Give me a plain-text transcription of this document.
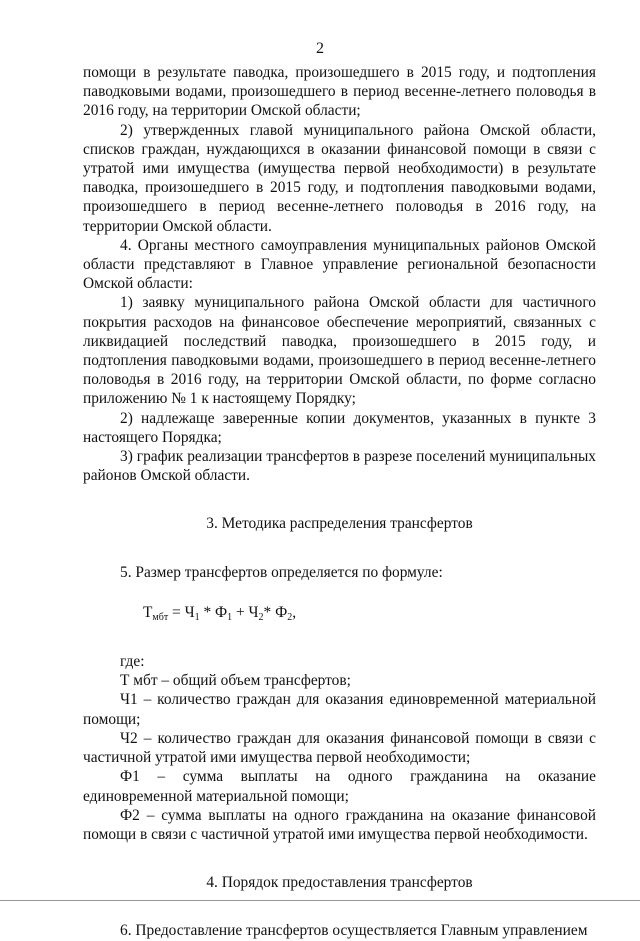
2

помощи в результате паводка, произошедшего в 2015 году, и подтопления паводковыми водами, произошедшего в период весенне-летнего половодья в 2016 году, на территории Омской области;

2) утвержденных главой муниципального района Омской области, списков граждан, нуждающихся в оказании финансовой помощи в связи с утратой ими имущества (имущества первой необходимости) в результате паводка, произошедшего в 2015 году, и подтопления паводковыми водами, произошедшего в период весенне-летнего половодья в 2016 году, на территории Омской области.

4. Органы местного самоуправления муниципальных районов Омской области представляют в Главное управление региональной безопасности Омской области:

1) заявку муниципального района Омской области для частичного покрытия расходов на финансовое обеспечение мероприятий, связанных с ликвидацией последствий паводка, произошедшего в 2015 году, и подтопления паводковыми водами, произошедшего в период весенне-летнего половодья в 2016 году, на территории Омской области, по форме согласно приложению № 1 к настоящему Порядку;

2) надлежаще заверенные копии документов, указанных в пункте 3 настоящего Порядка;

3) график реализации трансфертов в разрезе поселений муниципальных районов Омской области.

3. Методика распределения трансфертов

5. Размер трансфертов определяется по формуле:

$Т_{мбт} = Ч_1 * Ф_1 + Ч_2*$ $Ф_2$,

где:

Т мбт – общий объем трансфертов;

Ч1 – количество граждан для оказания единовременной материальной помощи;

Ч2 – количество граждан для оказания финансовой помощи в связи с частичной утратой ими имущества первой необходимости;

Ф1 – сумма выплаты на одного гражданина на оказание единовременной материальной помощи;

Ф2 – сумма выплаты на одного гражданина на оказание финансовой помощи в связи с частичной утратой ими имущества первой необходимости.

4. Порядок предоставления трансфертов

6. Предоставление трансфертов осуществляется Главным управлением
